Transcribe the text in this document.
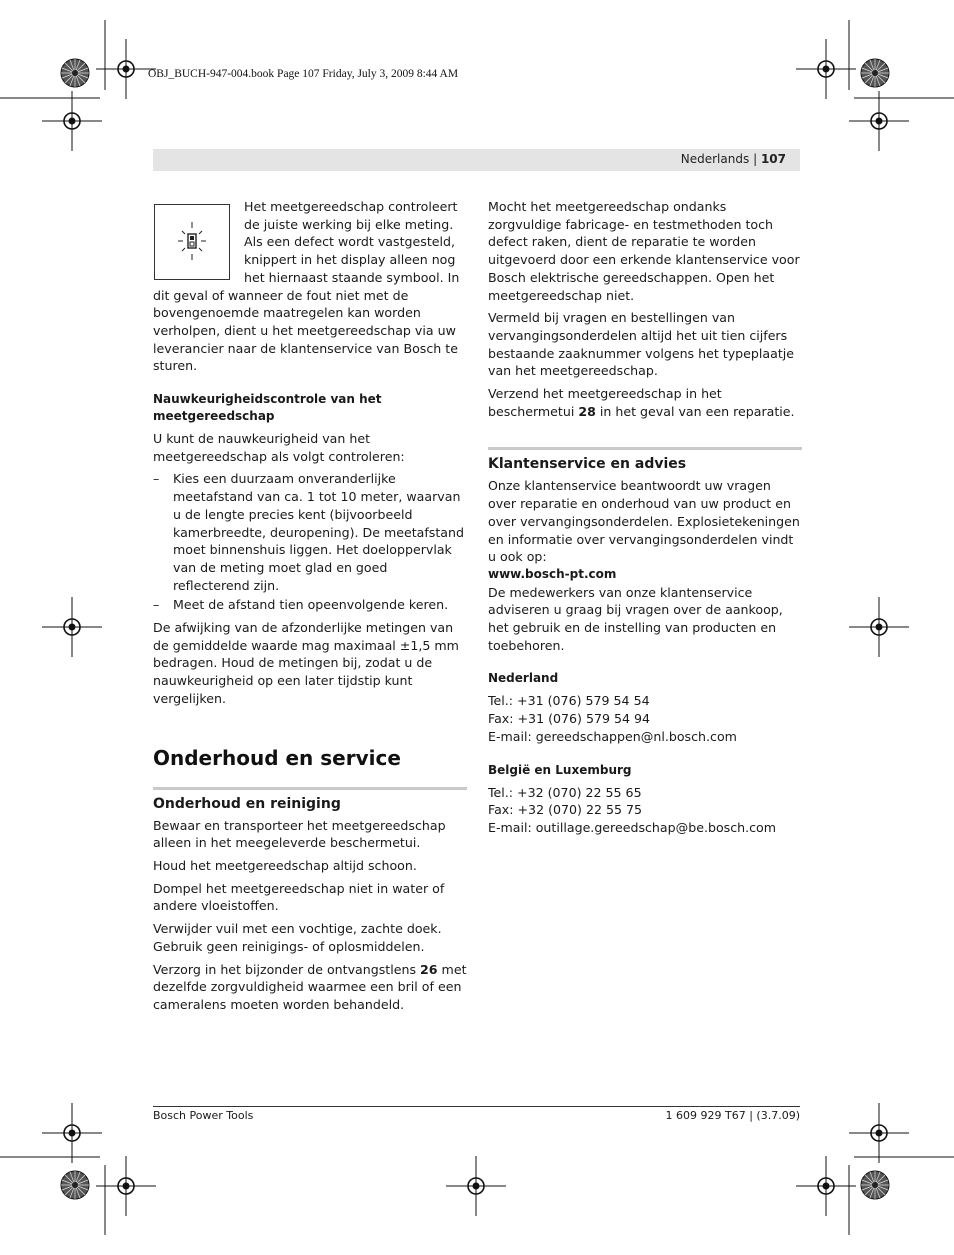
OBJ_BUCH-947-004.book Page 107 Friday, July 3, 2009 8:44 AM
Nederlands | 107

Het meetgereedschap controleert de juiste werking bij elke meting. Als een defect wordt vastgesteld, knippert in het display alleen nog het hiernaast staande symbool. In dit geval of wanneer de fout niet met de bovengenoemde maatregelen kan worden verholpen, dient u het meetgereedschap via uw leverancier naar de klantenservice van Bosch te sturen.

Nauwkeurigheidscontrole van het meetgereedschap

U kunt de nauwkeurigheid van het meetgereedschap als volgt controleren:

– Kies een duurzaam onveranderlijke meetafstand van ca. 1 tot 10 meter, waarvan u de lengte precies kent (bijvoorbeeld kamerbreedte, deuropening). De meetafstand moet binnenshuis liggen. Het doeloppervlak van de meting moet glad en goed reflecterend zijn.
– Meet de afstand tien opeenvolgende keren.

De afwijking van de afzonderlijke metingen van de gemiddelde waarde mag maximaal ±1,5 mm bedragen. Houd de metingen bij, zodat u de nauwkeurigheid op een later tijdstip kunt vergelijken.

Onderhoud en service
Onderhoud en reiniging

Bewaar en transporteer het meetgereedschap alleen in het meegeleverde beschermetui.

Houd het meetgereedschap altijd schoon.

Dompel het meetgereedschap niet in water of andere vloeistoffen.

Verwijder vuil met een vochtige, zachte doek. Gebruik geen reinigings- of oplosmiddelen.

Verzorg in het bijzonder de ontvangstlens 26 met dezelfde zorgvuldigheid waarmee een bril of een cameralens moeten worden behandeld.

Mocht het meetgereedschap ondanks zorgvuldige fabricage- en testmethoden toch defect raken, dient de reparatie te worden uitgevoerd door een erkende klantenservice voor Bosch elektrische gereedschappen. Open het meetgereedschap niet.

Vermeld bij vragen en bestellingen van vervangingsonderdelen altijd het uit tien cijfers bestaande zaaknummer volgens het typeplaatje van het meetgereedschap.

Verzend het meetgereedschap in het beschermetui 28 in het geval van een reparatie.

Klantenservice en advies

Onze klantenservice beantwoordt uw vragen over reparatie en onderhoud van uw product en over vervangingsonderdelen. Explosietekeningen en informatie over vervangingsonderdelen vindt u ook op:

www.bosch-pt.com

De medewerkers van onze klantenservice adviseren u graag bij vragen over de aankoop, het gebruik en de instelling van producten en toebehoren.

Nederland
Tel.: +31 (076) 579 54 54
Fax: +31 (076) 579 54 94
E-mail: gereedschappen@nl.bosch.com
België en Luxemburg
Tel.: +32 (070) 22 55 65
Fax: +32 (070) 22 55 75
E-mail: outillage.gereedschap@be.bosch.com
Bosch Power Tools	1 609 929 T67 | (3.7.09)
